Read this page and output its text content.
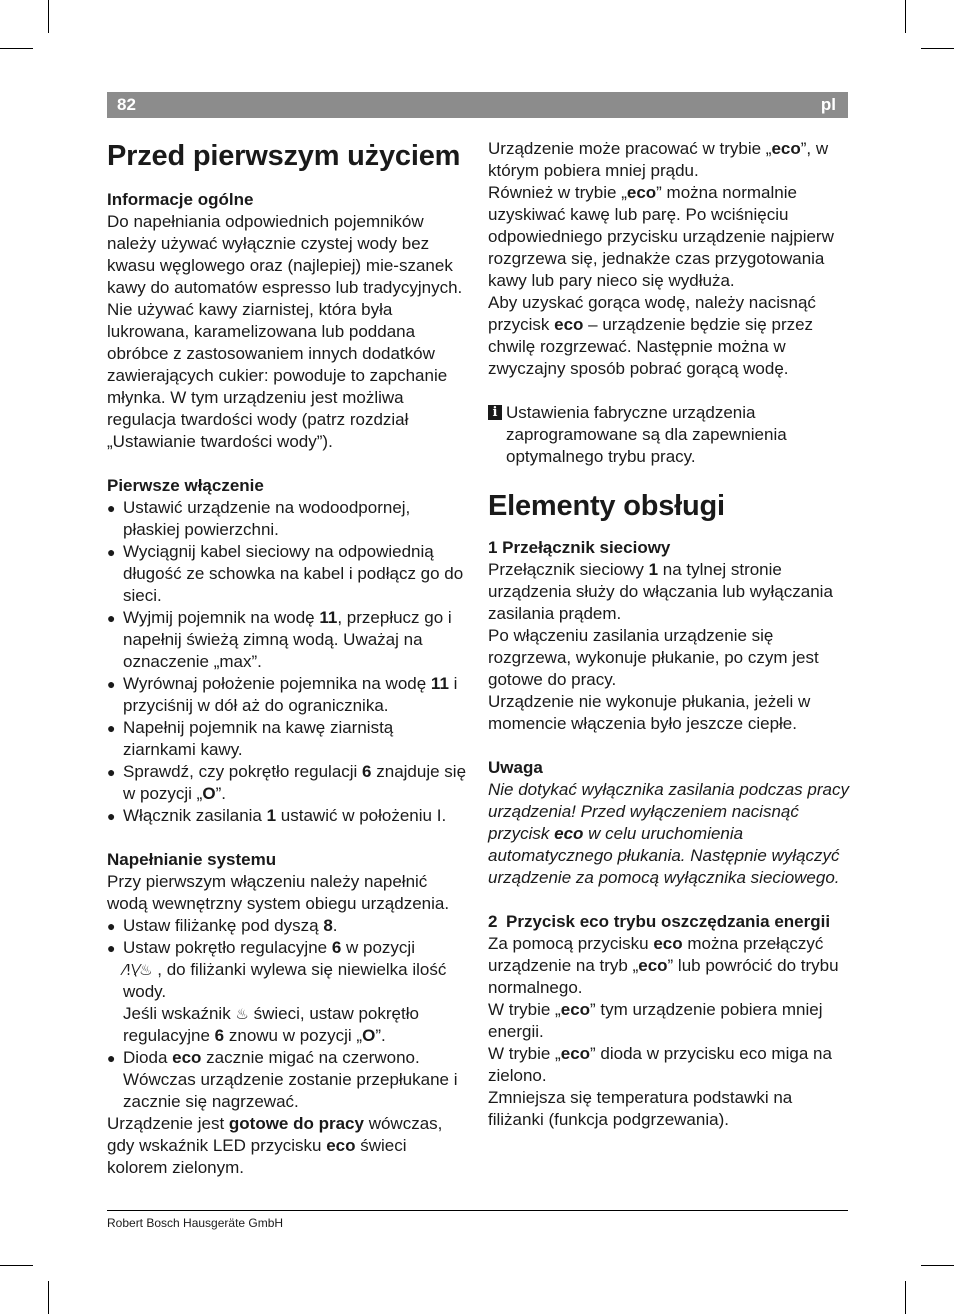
82	pl
Przed pierwszym użyciem
Informacje ogólne

Do napełniania odpowiednich pojemników należy używać wyłącznie czystej wody bez kwasu węglowego oraz (najlepiej) mie-szanek kawy do automatów espresso lub tradycyjnych. Nie używać kawy ziarnistej, która była lukrowana, karamelizowana lub poddana obróbce z zastosowaniem innych dodatków zawierających cukier: powoduje to zapchanie młynka. W tym urządzeniu jest możliwa regulacja twardości wody (patrz rozdział „Ustawianie twardości wody”).

Pierwsze włączenie
● Ustawić urządzenie na wodoodpornej, płaskiej powierzchni.
● Wyciągnij kabel sieciowy na odpowiednią długość ze schowka na kabel i podłącz go do sieci.
● Wyjmij pojemnik na wodę 11, przepłucz go i napełnij świeżą zimną wodą. Uważaj na oznaczenie „max”.
● Wyrównaj położenie pojemnika na wodę 11 i przyciśnij w dół aż do ogranicznika.
● Napełnij pojemnik na kawę ziarnistą ziarnkami kawy.
● Sprawdź, czy pokrętło regulacji 6 znajduje się w pozycji „O”.
● Włącznik zasilania 1 ustawić w położeniu I.
Napełnianie systemu

Przy pierwszym włączeniu należy napełnić wodą wewnętrzny system obiegu urządzenia.

● Ustaw filiżankę pod dyszą 8.
● Ustaw pokrętło regulacyjne 6 w pozycji
⁄!\⁄♨ , do filiżanki wylewa się niewielka ilość wody.
Jeśli wskaźnik ♨ świeci, ustaw pokrętło regulacyjne 6 znowu w pozycji „O”.
● Dioda eco zacznie migać na czerwono. Wówczas urządzenie zostanie przepłukane i zacznie się nagrzewać.

Urządzenie jest gotowe do pracy wówczas, gdy wskaźnik LED przycisku eco świeci kolorem zielonym.

Urządzenie może pracować w trybie „eco”, w którym pobiera mniej prądu.

Również w trybie „eco” można normalnie uzyskiwać kawę lub parę. Po wciśnięciu odpowiedniego przycisku urządzenie najpierw rozgrzewa się, jednakże czas przygotowania kawy lub pary nieco się wydłuża.

Aby uzyskać gorąca wodę, należy nacisnąć przycisk eco – urządzenie będzie się przez chwilę rozgrzewać. Następnie można w zwyczajny sposób pobrać gorącą wodę.

i Ustawienia fabryczne urządzenia zaprogramowane są dla zapewnienia optymalnego trybu pracy.
Elementy obsługi
1 Przełącznik sieciowy

Przełącznik sieciowy 1 na tylnej stronie urządzenia służy do włączania lub wyłączania zasilania prądem.

Po włączeniu zasilania urządzenie się rozgrzewa, wykonuje płukanie, po czym jest gotowe do pracy.

Urządzenie nie wykonuje płukania, jeżeli w momencie włączenia było jeszcze ciepłe.

Uwaga

Nie dotykać wyłącznika zasilania podczas pracy urządzenia! Przed wyłączeniem nacisnąć przycisk eco w celu uruchomienia automatycznego płukania. Następnie wyłączyć urządzenie za pomocą wyłącznika sieciowego.

2 Przycisk eco trybu oszczędzania energii

Za pomocą przycisku eco można przełączyć urządzenie na tryb „eco” lub powrócić do trybu normalnego.

W trybie „eco” tym urządzenie pobiera mniej energii.

W trybie „eco” dioda w przycisku eco miga na zielono.

Zmniejsza się temperatura podstawki na filiżanki (funkcja podgrzewania).

Robert Bosch Hausgeräte GmbH
